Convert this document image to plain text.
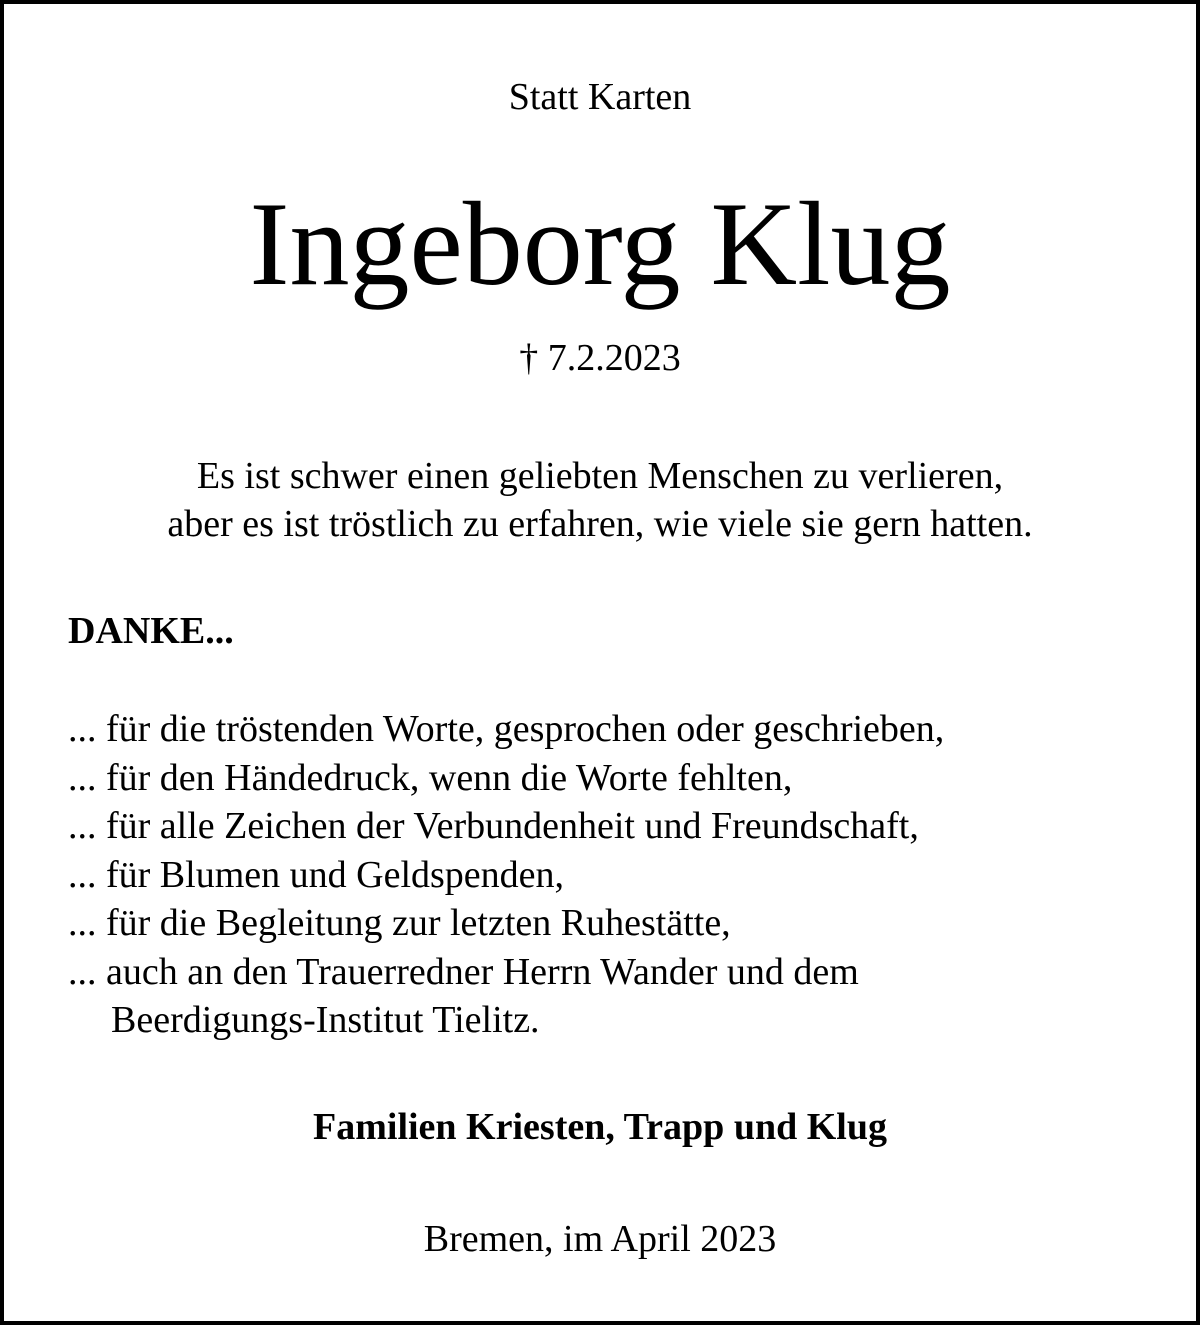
Statt Karten
Ingeborg Klug
† 7.2.2023
Es ist schwer einen geliebten Menschen zu verlieren,
aber es ist tröstlich zu erfahren, wie viele sie gern hatten.
DANKE...
... für die tröstenden Worte, gesprochen oder geschrieben,
... für den Händedruck, wenn die Worte fehlten,
... für alle Zeichen der Verbundenheit und Freundschaft,
... für Blumen und Geldspenden,
... für die Begleitung zur letzten Ruhestätte,
... auch an den Trauerredner Herrn Wander und dem
Beerdigungs-Institut Tielitz.
Familien Kriesten, Trapp und Klug
Bremen, im April 2023
